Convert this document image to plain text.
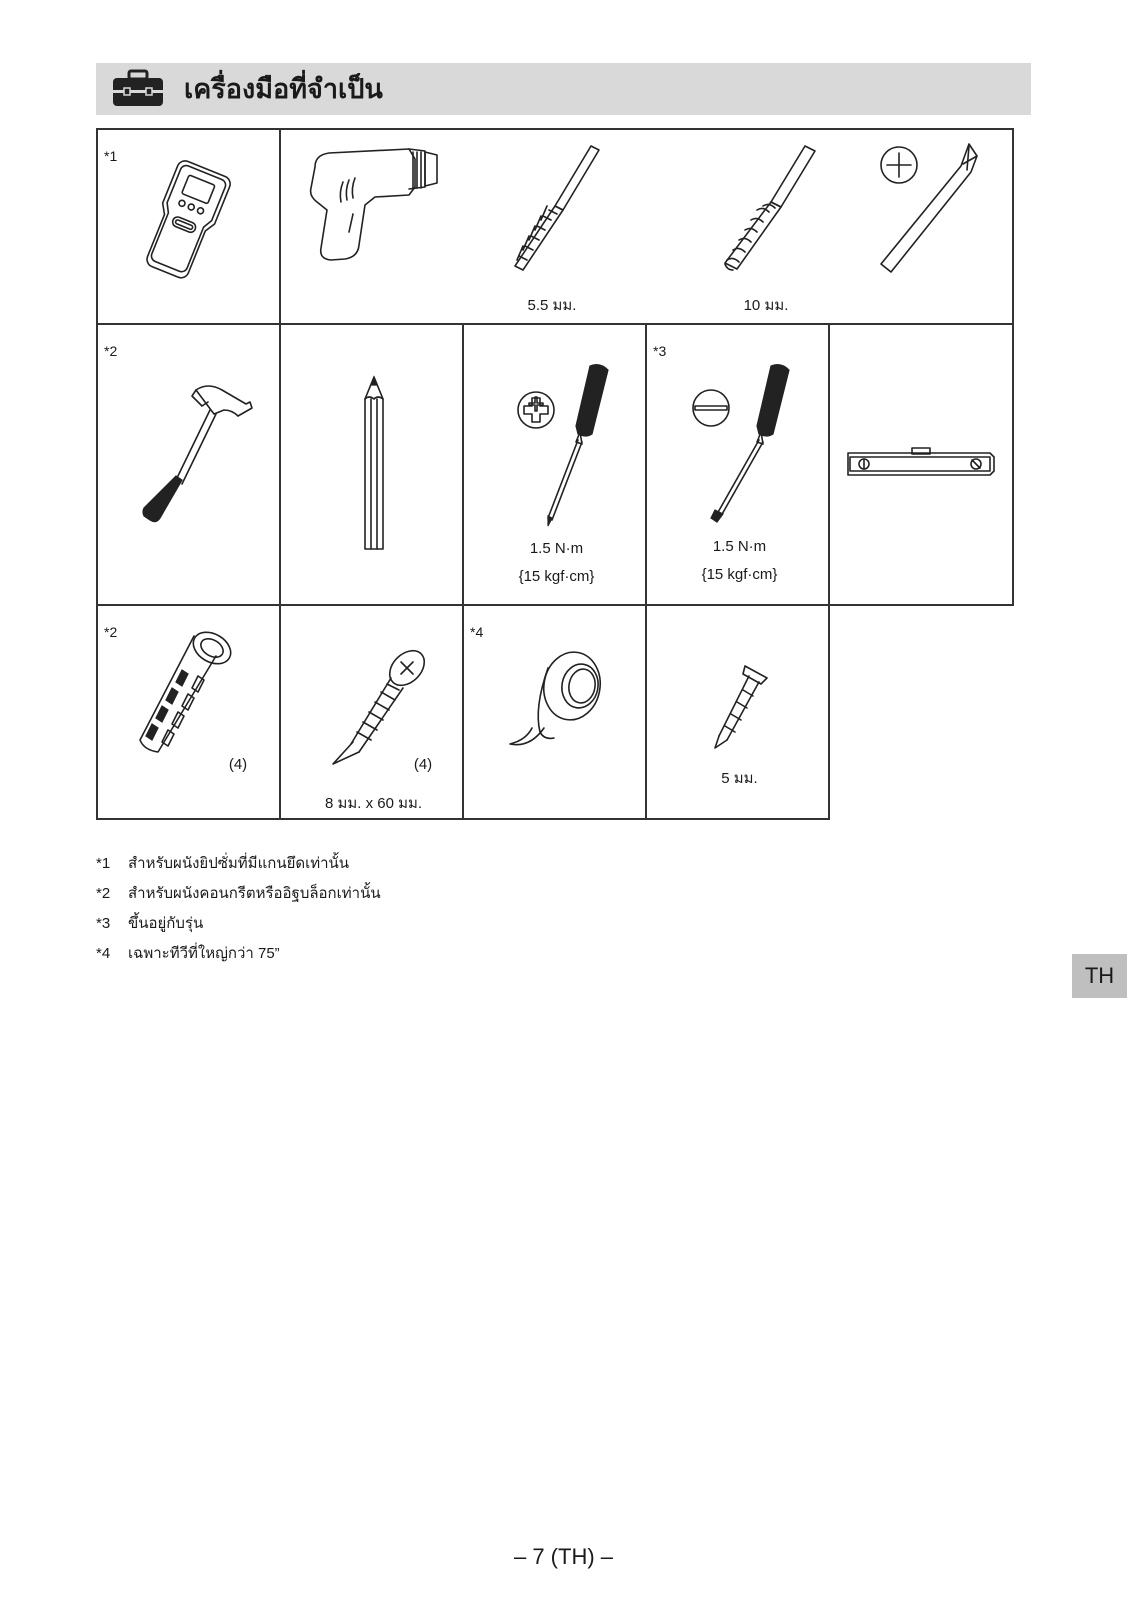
เครื่องมือที่จำเป็น
*1
5.5 มม.	10 มม.
*2
1.5 N·m
{15 kgf·cm}
*3
1.5 N·m
{15 kgf·cm}
*2
(4)	(4)
8 มม. x 60 มม.
*4
5 มม.
*1 สำหรับผนังยิปซั่มที่มีแกนยึดเท่านั้น
*2 สำหรับผนังคอนกรีตหรืออิฐบล็อกเท่านั้น
*3 ขึ้นอยู่กับรุ่น
*4 เฉพาะทีวีที่ใหญ่กว่า 75”
TH
– 7 (TH) –
